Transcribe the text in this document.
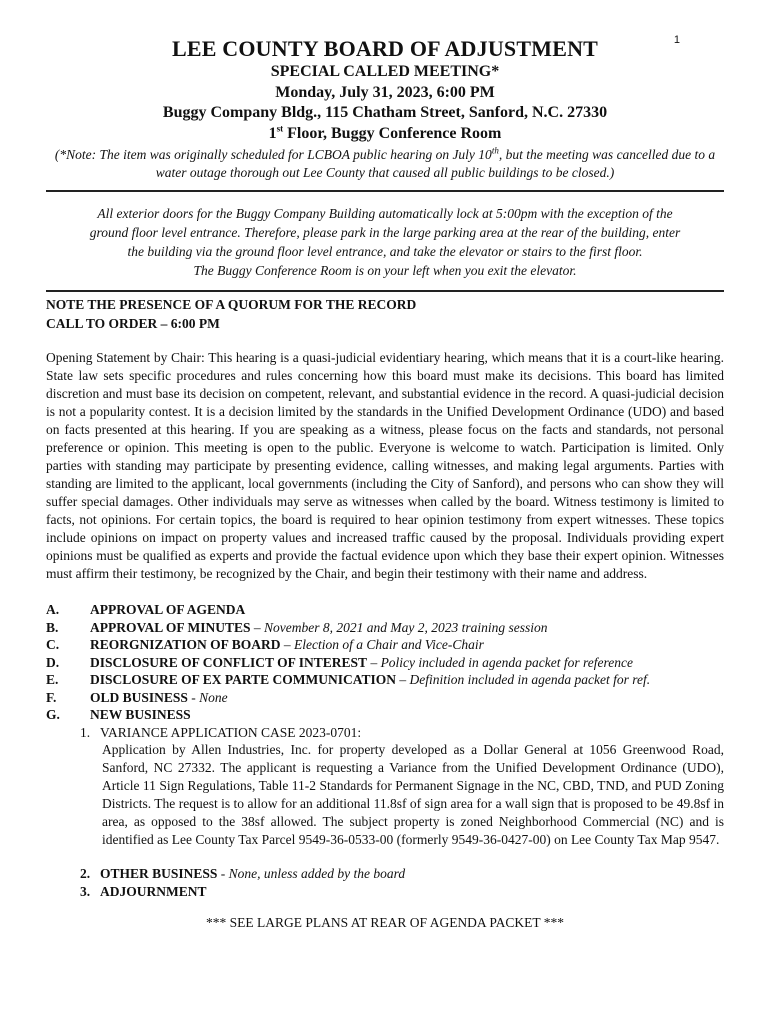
1
LEE COUNTY BOARD OF ADJUSTMENT
SPECIAL CALLED MEETING*
Monday, July 31, 2023, 6:00 PM
Buggy Company Bldg., 115 Chatham Street, Sanford, N.C. 27330
1st Floor, Buggy Conference Room
(*Note: The item was originally scheduled for LCBOA public hearing on July 10th, but the meeting was cancelled due to a water outage thorough out Lee County that caused all public buildings to be closed.)
All exterior doors for the Buggy Company Building automatically lock at 5:00pm with the exception of the
ground floor level entrance. Therefore, please park in the large parking area at the rear of the building, enter
the building via the ground floor level entrance, and take the elevator or stairs to the first floor.
The Buggy Conference Room is on your left when you exit the elevator.
NOTE THE PRESENCE OF A QUORUM FOR THE RECORD
CALL TO ORDER – 6:00 PM
Opening Statement by Chair: This hearing is a quasi-judicial evidentiary hearing, which means that it is a court-like hearing. State law sets specific procedures and rules concerning how this board must make its decisions. This board has limited discretion and must base its decision on competent, relevant, and substantial evidence in the record. A quasi-judicial decision is not a popularity contest. It is a decision limited by the standards in the Unified Development Ordinance (UDO) and based on facts presented at this hearing. If you are speaking as a witness, please focus on the facts and standards, not personal preference or opinion. This meeting is open to the public. Everyone is welcome to watch. Participation is limited. Only parties with standing may participate by presenting evidence, calling witnesses, and making legal arguments. Parties with standing are limited to the applicant, local governments (including the City of Sanford), and persons who can show they will suffer special damages. Other individuals may serve as witnesses when called by the board. Witness testimony is limited to facts, not opinions. For certain topics, the board is required to hear opinion testimony from expert witnesses. These topics include opinions on impact on property values and increased traffic caused by the proposal. Individuals providing expert opinions must be qualified as experts and provide the factual evidence upon which they base their expert opinion. Witnesses must affirm their testimony, be recognized by the Chair, and begin their testimony with their name and address.
A.	APPROVAL OF AGENDA
B.	APPROVAL OF MINUTES – November 8, 2021 and May 2, 2023 training session
C.	REORGNIZATION OF BOARD – Election of a Chair and Vice-Chair
D.	DISCLOSURE OF CONFLICT OF INTEREST – Policy included in agenda packet for reference
E.	DISCLOSURE OF EX PARTE COMMUNICATION – Definition included in agenda packet for ref.
F.	OLD BUSINESS - None
G.	NEW BUSINESS
1. VARIANCE APPLICATION CASE 2023-0701:
Application by Allen Industries, Inc. for property developed as a Dollar General at 1056 Greenwood Road, Sanford, NC 27332. The applicant is requesting a Variance from the Unified Development Ordinance (UDO), Article 11 Sign Regulations, Table 11-2 Standards for Permanent Signage in the NC, CBD, TND, and PUD Zoning Districts. The request is to allow for an additional 11.8sf of sign area for a wall sign that is proposed to be 49.8sf in area, as opposed to the 38sf allowed. The subject property is zoned Neighborhood Commercial (NC) and is identified as Lee County Tax Parcel 9549-36-0533-00 (formerly 9549-36-0427-00) on Lee County Tax Map 9547.
2. OTHER BUSINESS - None, unless added by the board
3. ADJOURNMENT
*** SEE LARGE PLANS AT REAR OF AGENDA PACKET ***
